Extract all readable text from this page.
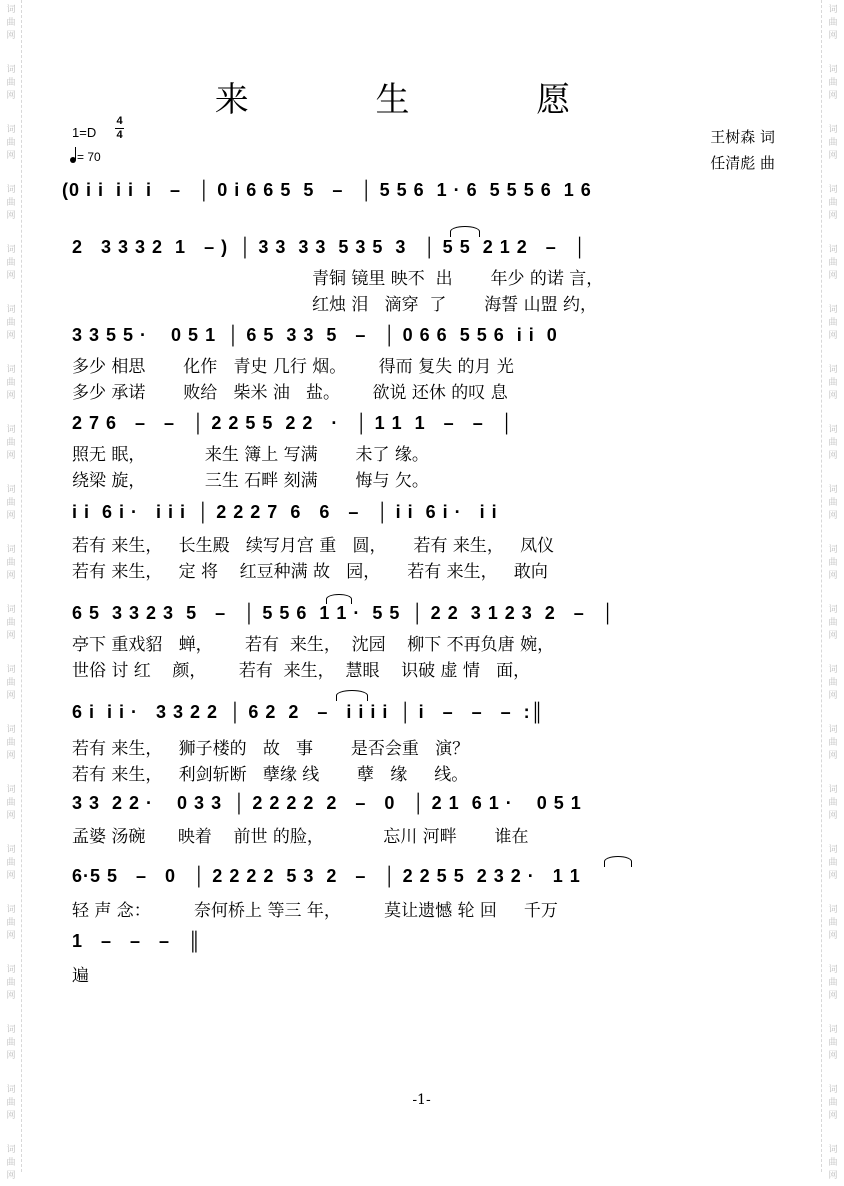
词
曲
网
词
曲
网
词
曲
网
词
曲
网
词
曲
网
词
曲
网
词
曲
网
词
曲
网
词
曲
网
词
曲
网
词
曲
网
词
曲
网
词
曲
网
词
曲
网
词
曲
网
词
曲
网
词
曲
网
词
曲
网
词
曲
网
词
曲
网
词
曲
网
词
曲
网
词
曲
网
词
曲
网
词
曲
网
词
曲
网
词
曲
网
词
曲
网
词
曲
网
词
曲
网
词
曲
网
词
曲
网
词
曲
网
词
曲
网
词
曲
网
词
曲
网
词
曲
网
词
曲
网
词
曲
网
词
曲
网
来 生 愿
1=D
4
4
= 70
王树森 词
任清彪 曲
(0 i i  i i  i   –   │ 0 i 6 6 5  5   –   │ 5 5 6  1 · 6  5 5 5 6  1 6
2   3 3 3 2  1   – )  │ 3 3  3 3  5 3 5  3   │ 5 5  2 1 2   –   │
青铜 镜里 映不  出       年少 的诺 言，
红烛 泪   滴穿  了       海誓 山盟 约，
3 3 5 5 ·    0 5 1  │ 6 5  3 3  5   –   │ 0 6 6  5 5 6  i i  0
多少 相思       化作   青史 几行 烟。      得而 复失 的月 光
多少 承诺       败给   柴米 油   盐。      欲说 还休 的叹 息
2 7 6   –   –   │ 2 2 5 5  2 2   ·   │ 1 1  1   –   –   │
照无 眠，           来生 簿上 写满       未了 缘。
绕梁 旋，           三生 石畔 刻满       悔与 欠。
i i  6 i ·   i i i  │ 2 2 2 7  6   6   –   │ i i  6 i ·   i i
若有 来生，   长生殿   续写月宫 重   圆，     若有 来生，   凤仪
若有 来生，   定 将    红豆种满 故   园，     若有 来生，   敢向
6 5  3 3 2 3  5   –   │ 5 5 6  1 1 ·  5 5  │ 2 2  3 1 2 3  2   –   │
亭下 重戏貂   蝉，      若有  来生，  沈园    柳下 不再负唐 婉，
世俗 讨 红    颜，      若有  来生，  慧眼    识破 虚 情   面，
6 i  i i ·   3 3 2 2  │ 6 2  2   –   i i i i  │ i   –   –   –  :║
若有 来生，   狮子楼的   故   事       是否会重   演？
若有 来生，   利剑斩断   孽缘 线       孽   缘     线。
3 3  2 2 ·    0 3 3  │ 2 2 2 2  2   –   0   │ 2 1  6 1 ·    0 5 1
孟婆 汤碗      映着    前世 的脸，           忘川 河畔       谁在
6·5 5   –   0   │ 2 2 2 2  5 3  2   –   │ 2 2 5 5  2 3 2 ·   1 1
轻 声 念：        奈何桥上 等三 年，        莫让遗憾 轮 回     千万
1   –   –   –   ║
遍
-1-
